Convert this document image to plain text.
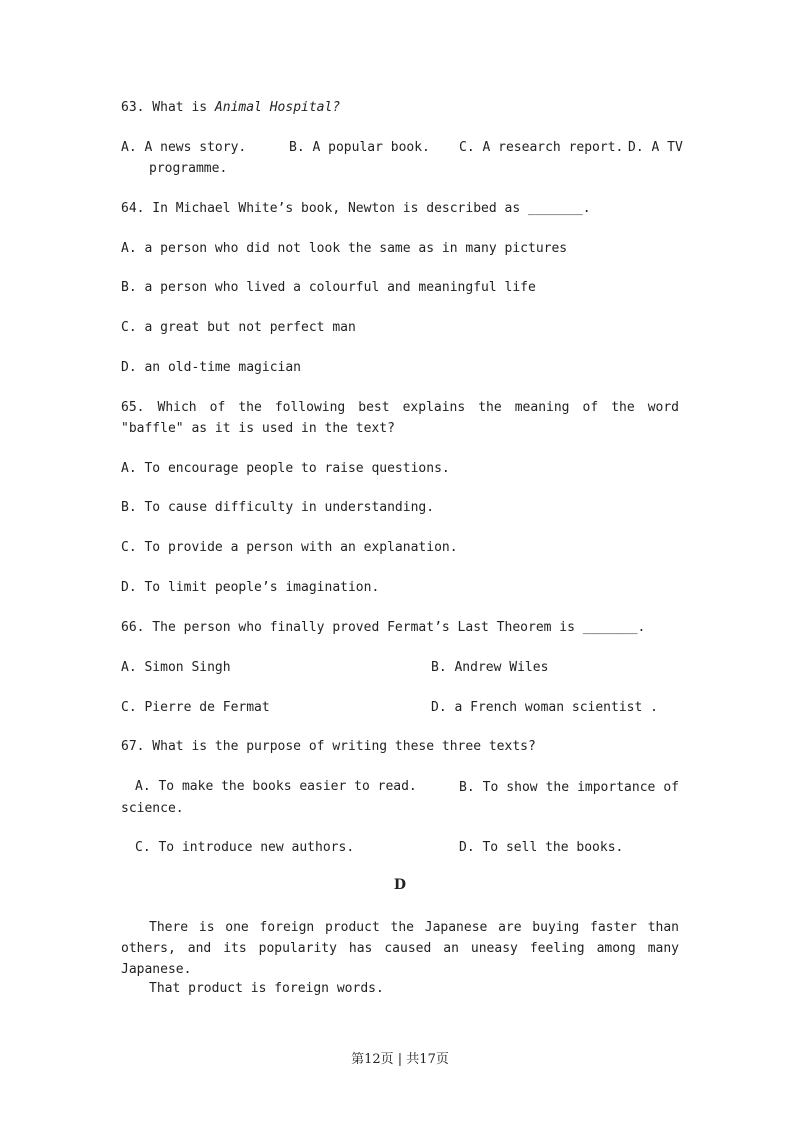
63. What is Animal Hospital?
A. A news story.	B. A popular book. C. A research report. D. A TV
programme.
64. In Michael White’s book, Newton is described as _______.
A. a person who did not look the same as in many pictures
B. a person who lived a colourful and meaningful life
C. a great but not perfect man
D. an old-time magician
65. Which of the following best explains the meaning of the word "baffle" as it is used in the text?
A. To encourage people to raise questions.
B. To cause difficulty in understanding.
C. To provide a person with an explanation.
D. To limit people’s imagination.
66. The person who finally proved Fermat’s Last Theorem is _______.
A. Simon Singh	B. Andrew Wiles
C. Pierre de Fermat	D. a French woman scientist .
67. What is the purpose of writing these three texts?
A. To make the books easier to read.	B. To show the importance of science.
C. To introduce new authors.	D. To sell the books.
D
There is one foreign product the Japanese are buying faster than others, and its popularity has caused an uneasy feeling among many Japanese.
That product is foreign words.
第12页 | 共17页
